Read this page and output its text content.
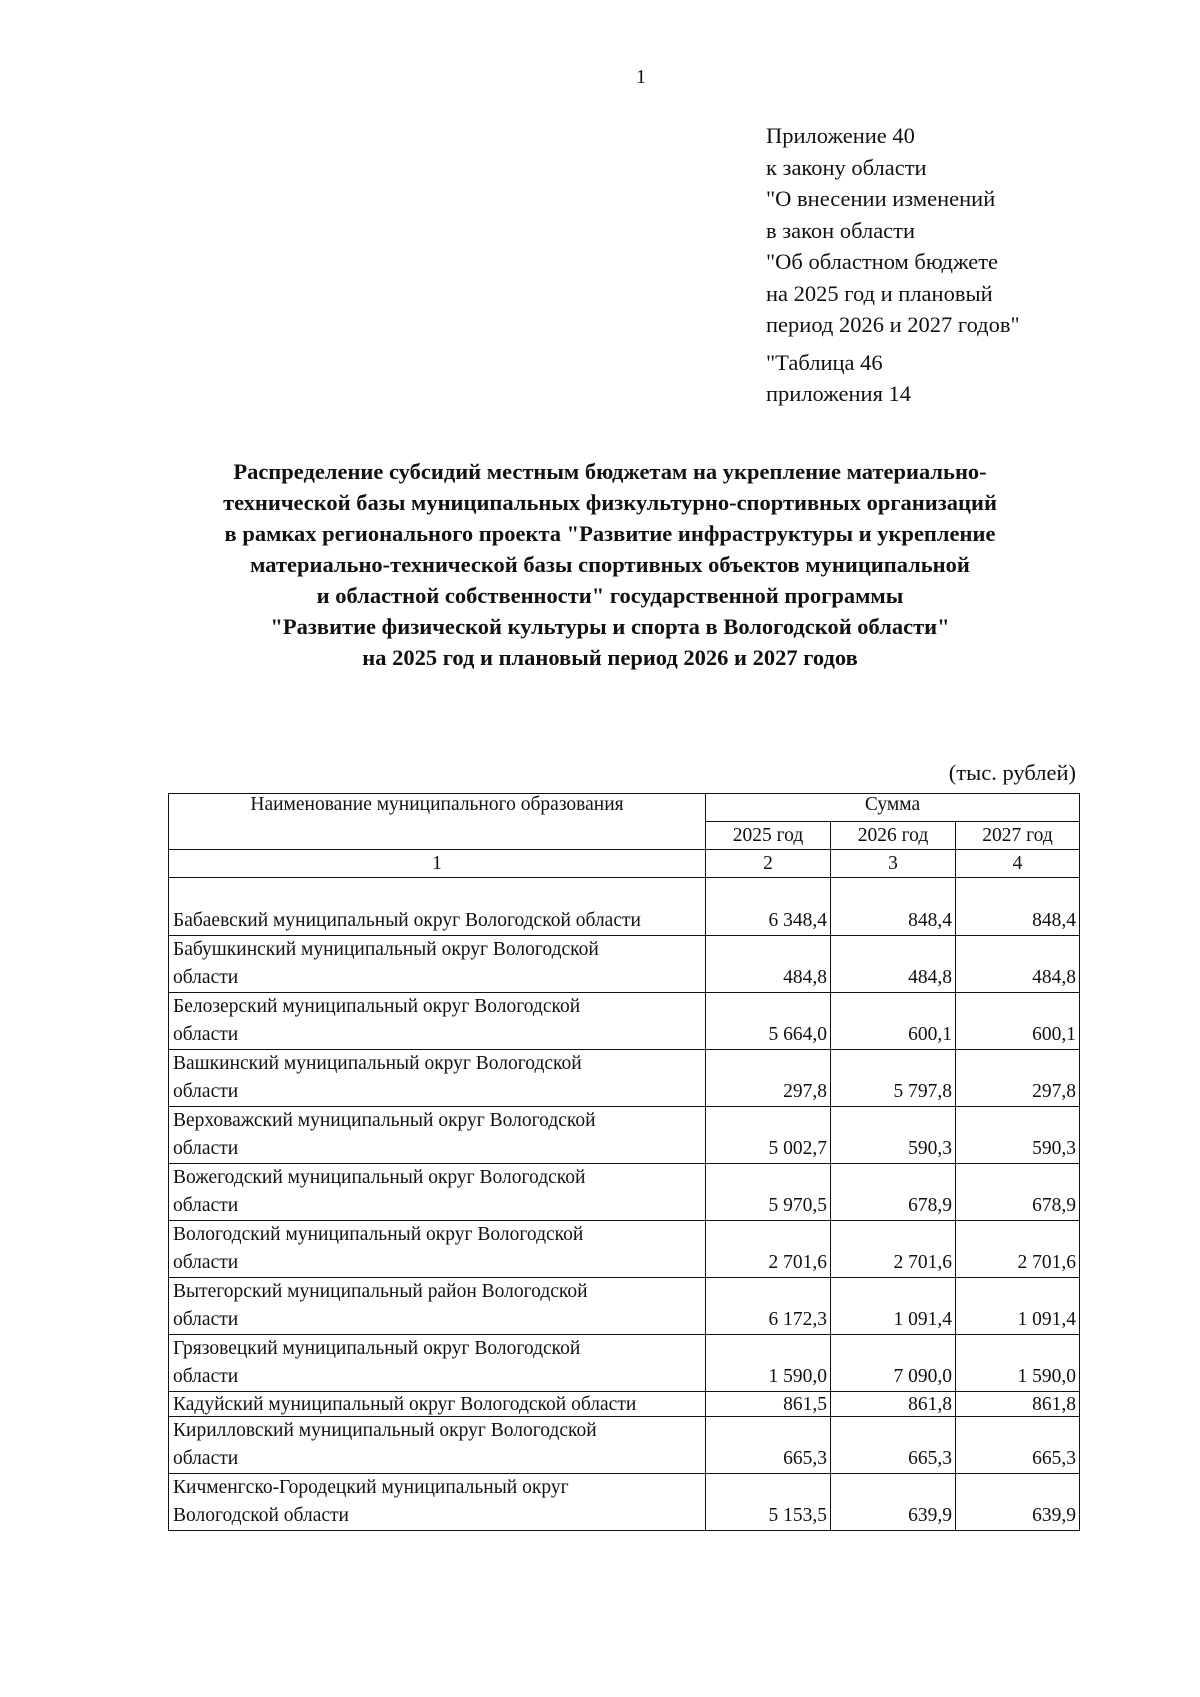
1
Приложение 40
к закону области
"О внесении изменений
в закон области
"Об областном бюджете
на 2025 год и плановый
период 2026 и 2027 годов"
"Таблица 46
приложения 14
Распределение субсидий местным бюджетам на укрепление материально-
технической базы муниципальных физкультурно-спортивных организаций
в рамках регионального проекта "Развитие инфраструктуры и укрепление
материально-технической базы спортивных объектов муниципальной
и областной собственности" государственной программы
"Развитие физической культуры и спорта в Вологодской области"
на 2025 год и плановый период 2026 и 2027 годов
(тыс. рублей)
Наименование муниципального образования	Сумма		
	2025 год	2026 год	2027 год
1	2	3	4

Бабаевский муниципальный округ Вологодской области	6 348,4	848,4	848,4

Бабушкинский муниципальный округ Вологодской
области	484,8	484,8	484,8

Белозерский муниципальный округ Вологодской
области	5 664,0	600,1	600,1

Вашкинский муниципальный округ Вологодской
области	297,8	5 797,8	297,8

Верховажский муниципальный округ Вологодской
области	5 002,7	590,3	590,3

Вожегодский муниципальный округ Вологодской
области	5 970,5	678,9	678,9

Вологодский муниципальный округ Вологодской
области	2 701,6	2 701,6	2 701,6

Вытегорский муниципальный район Вологодской
области	6 172,3	1 091,4	1 091,4

Грязовецкий муниципальный округ Вологодской
области	1 590,0	7 090,0	1 590,0

Кадуйский муниципальный округ Вологодской области	861,5	861,8	861,8

Кирилловский муниципальный округ Вологодской
области	665,3	665,3	665,3

Кичменгско-Городецкий муниципальный округ
Вологодской области	5 153,5	639,9	639,9
